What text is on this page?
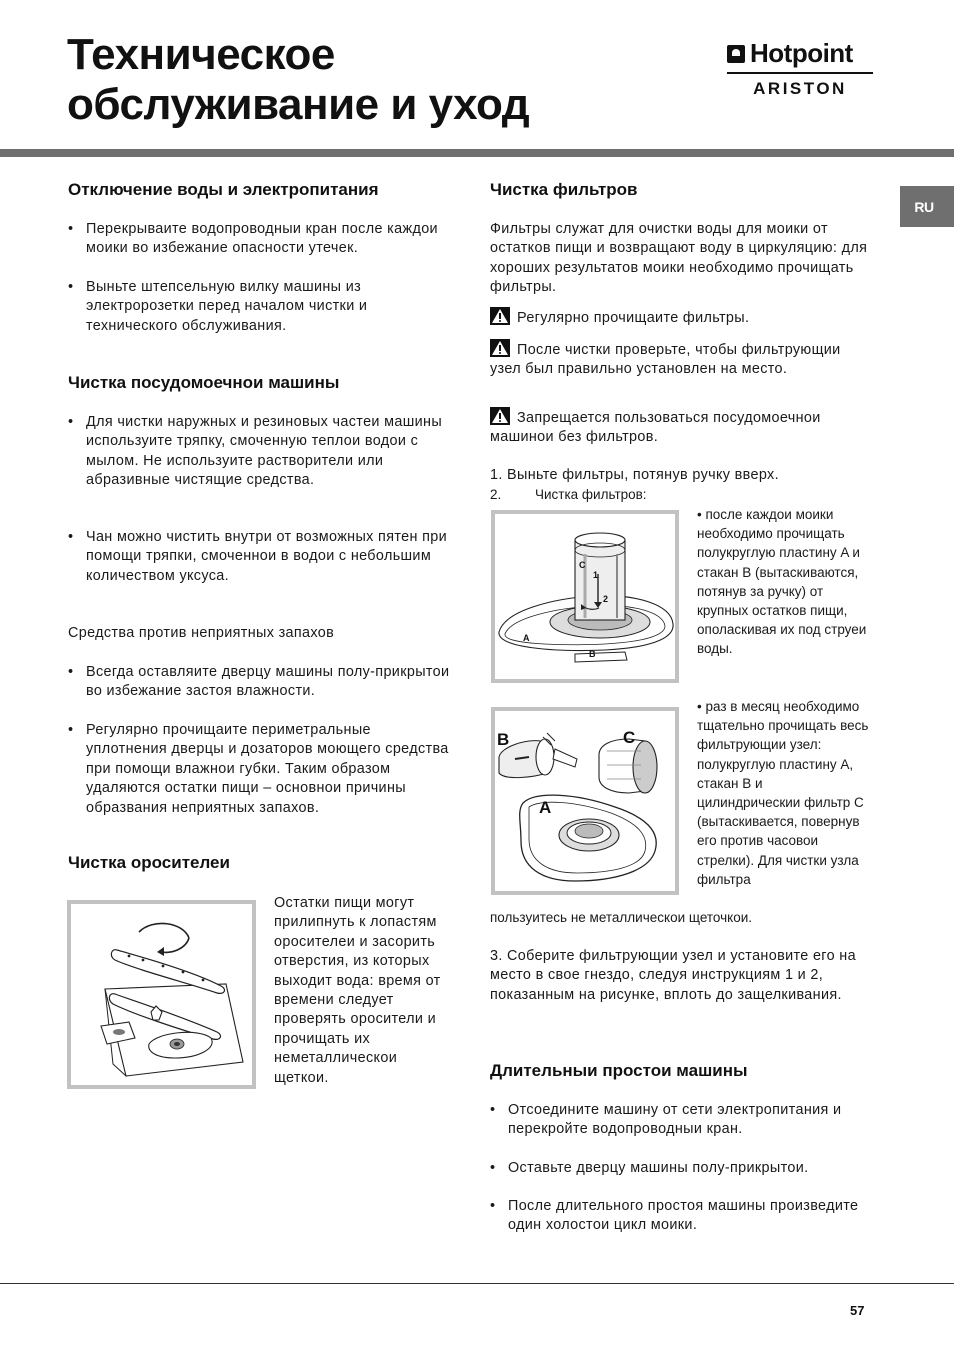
Техническое
обслуживание и уход
Hotpoint
ARISTON
RU
Отключение воды и электропитания
• Перекрываите водопроводныи кран после каждои моики во избежание опасности утечек.
• Выньте штепсельную вилку машины из электророзетки перед началом чистки и технического обслуживания.
Чистка посудомоечнои машины
• Для чистки наружных и резиновых частеи машины используите тряпку, смоченную теплои водои с мылом. Не используите растворители или абразивные чистящие средства.
• Чан можно чистить внутри от возможных пятен при помощи тряпки, смоченнои в водои с небольшим количеством уксуса.

Средства против неприятных запахов

• Всегда оставляите дверцу машины полу-прикрытои во избежание застоя влажности.
• Регулярно прочищаите периметральные уплотнения дверцы и дозаторов моющего средства при помощи влажнои губки. Таким образом удаляются остатки пищи – основнои причины образвания неприятных запахов.
Чистка оросителеи

Остатки пищи могут прилипнуть к лопастям оросителеи и засорить отверстия, из которых выходит вода: время от времени следует проверять оросители и прочищать их неметаллическои щеткои.

Чистка фильтров

Фильтры служат для очистки воды для моики от остатков пищи и возвращают воду в циркуляцию: для хороших результатов моики необходимо прочищать фильтры.

Регулярно прочищаите фильтры.

После чистки проверьте, чтобы фильтрующии узел был правильно установлен на место.

Запрещается пользоваться посудомоечнои машинои без фильтров.

1. Выньте фильтры, потянув ручку вверх.

2. Чистка фильтров:

C
1
2
A
B

• после каждои моики необходимо прочищать полукруглую пластину A и стакан B (вытаскиваются, потянув за ручку) от крупных остатков пищи, ополаскивая их под струеи воды.

B	C
A

• раз в месяц необходимо тщательно прочищать весь фильтрующии узел: полукруглую пластину A, стакан B и цилиндрическии фильтр C (вытаскивается, повернув его против часовои стрелки). Для чистки узла фильтра

пользуитесь не металлическои щеточкои.

3. Соберите фильтрующии узел и установите его на место в свое гнездо, следуя инструкциям 1 и 2, показанным на рисунке, вплоть до защелкивания.

Длительныи простои машины
• Отсоедините машину от сети электропитания и перекройте водопроводныи кран.
• Оставьте дверцу машины полу-прикрытои.
• После длительного простоя машины произведите один холостои цикл моики.
57
